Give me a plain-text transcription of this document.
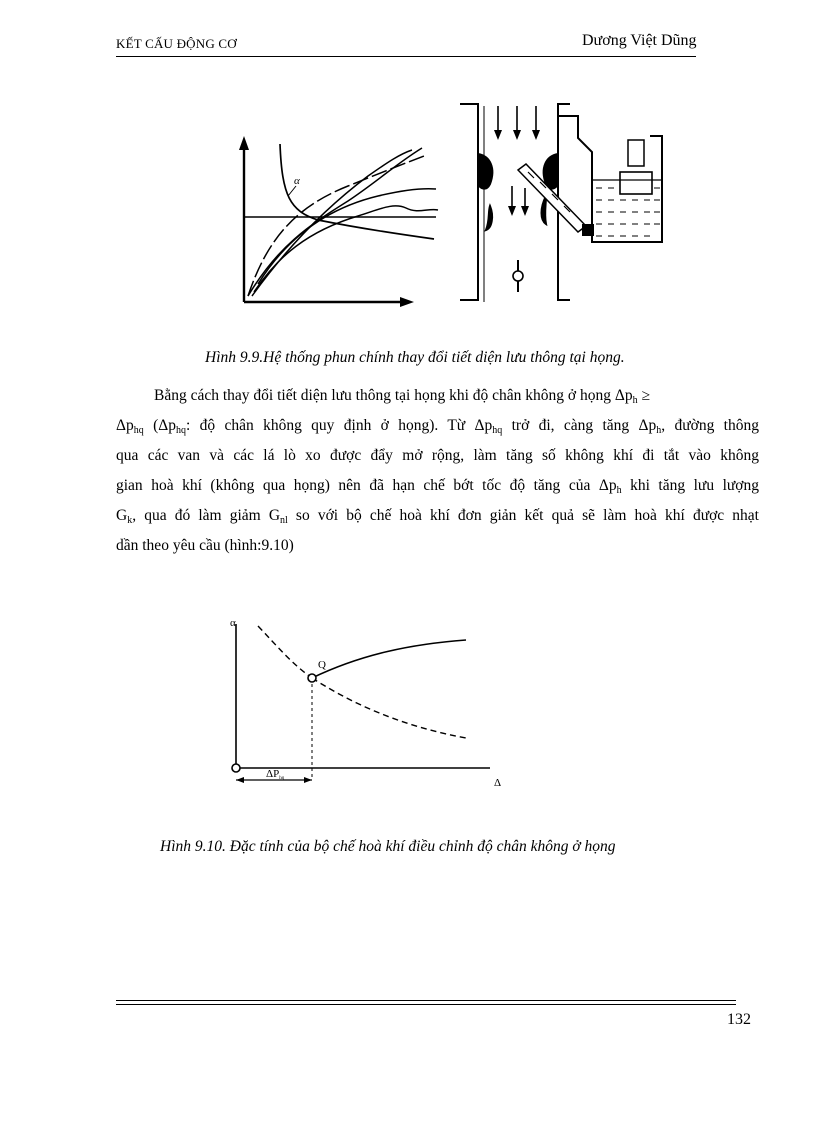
KẾT CẤU ĐỘNG CƠ	Dương Việt Dũng
α
Hình 9.9.Hệ thống phun chính thay đổi tiết diện lưu thông tại họng.
Bằng cách thay đổi tiết diện lưu thông tại họng khi độ chân không ở họng $\Delta p_h$ ≥
$\Delta p_{hq}$ ($\Delta p_{hq}$: độ chân không quy định ở họng). Từ $\Delta p_{hq}$ trở đi, càng tăng $\Delta p_h$, đường thông
qua các van và các lá lò xo được đẩy mở rộng, làm tăng số không khí đi tắt vào không
gian hoà khí (không qua họng) nên đã hạn chế bớt tốc độ tăng của $\Delta p_h$ khi tăng lưu lượng
$G_k$, qua đó làm giảm $G_{nl}$ so với bộ chế hoà khí đơn giản kết quả sẽ làm hoà khí được nhạt
dần theo yêu cầu (hình:9.10)
α
Q
ΔPhq	Δ
Hình 9.10. Đặc tính của bộ chế hoà khí điều chỉnh độ chân không ở họng
132
